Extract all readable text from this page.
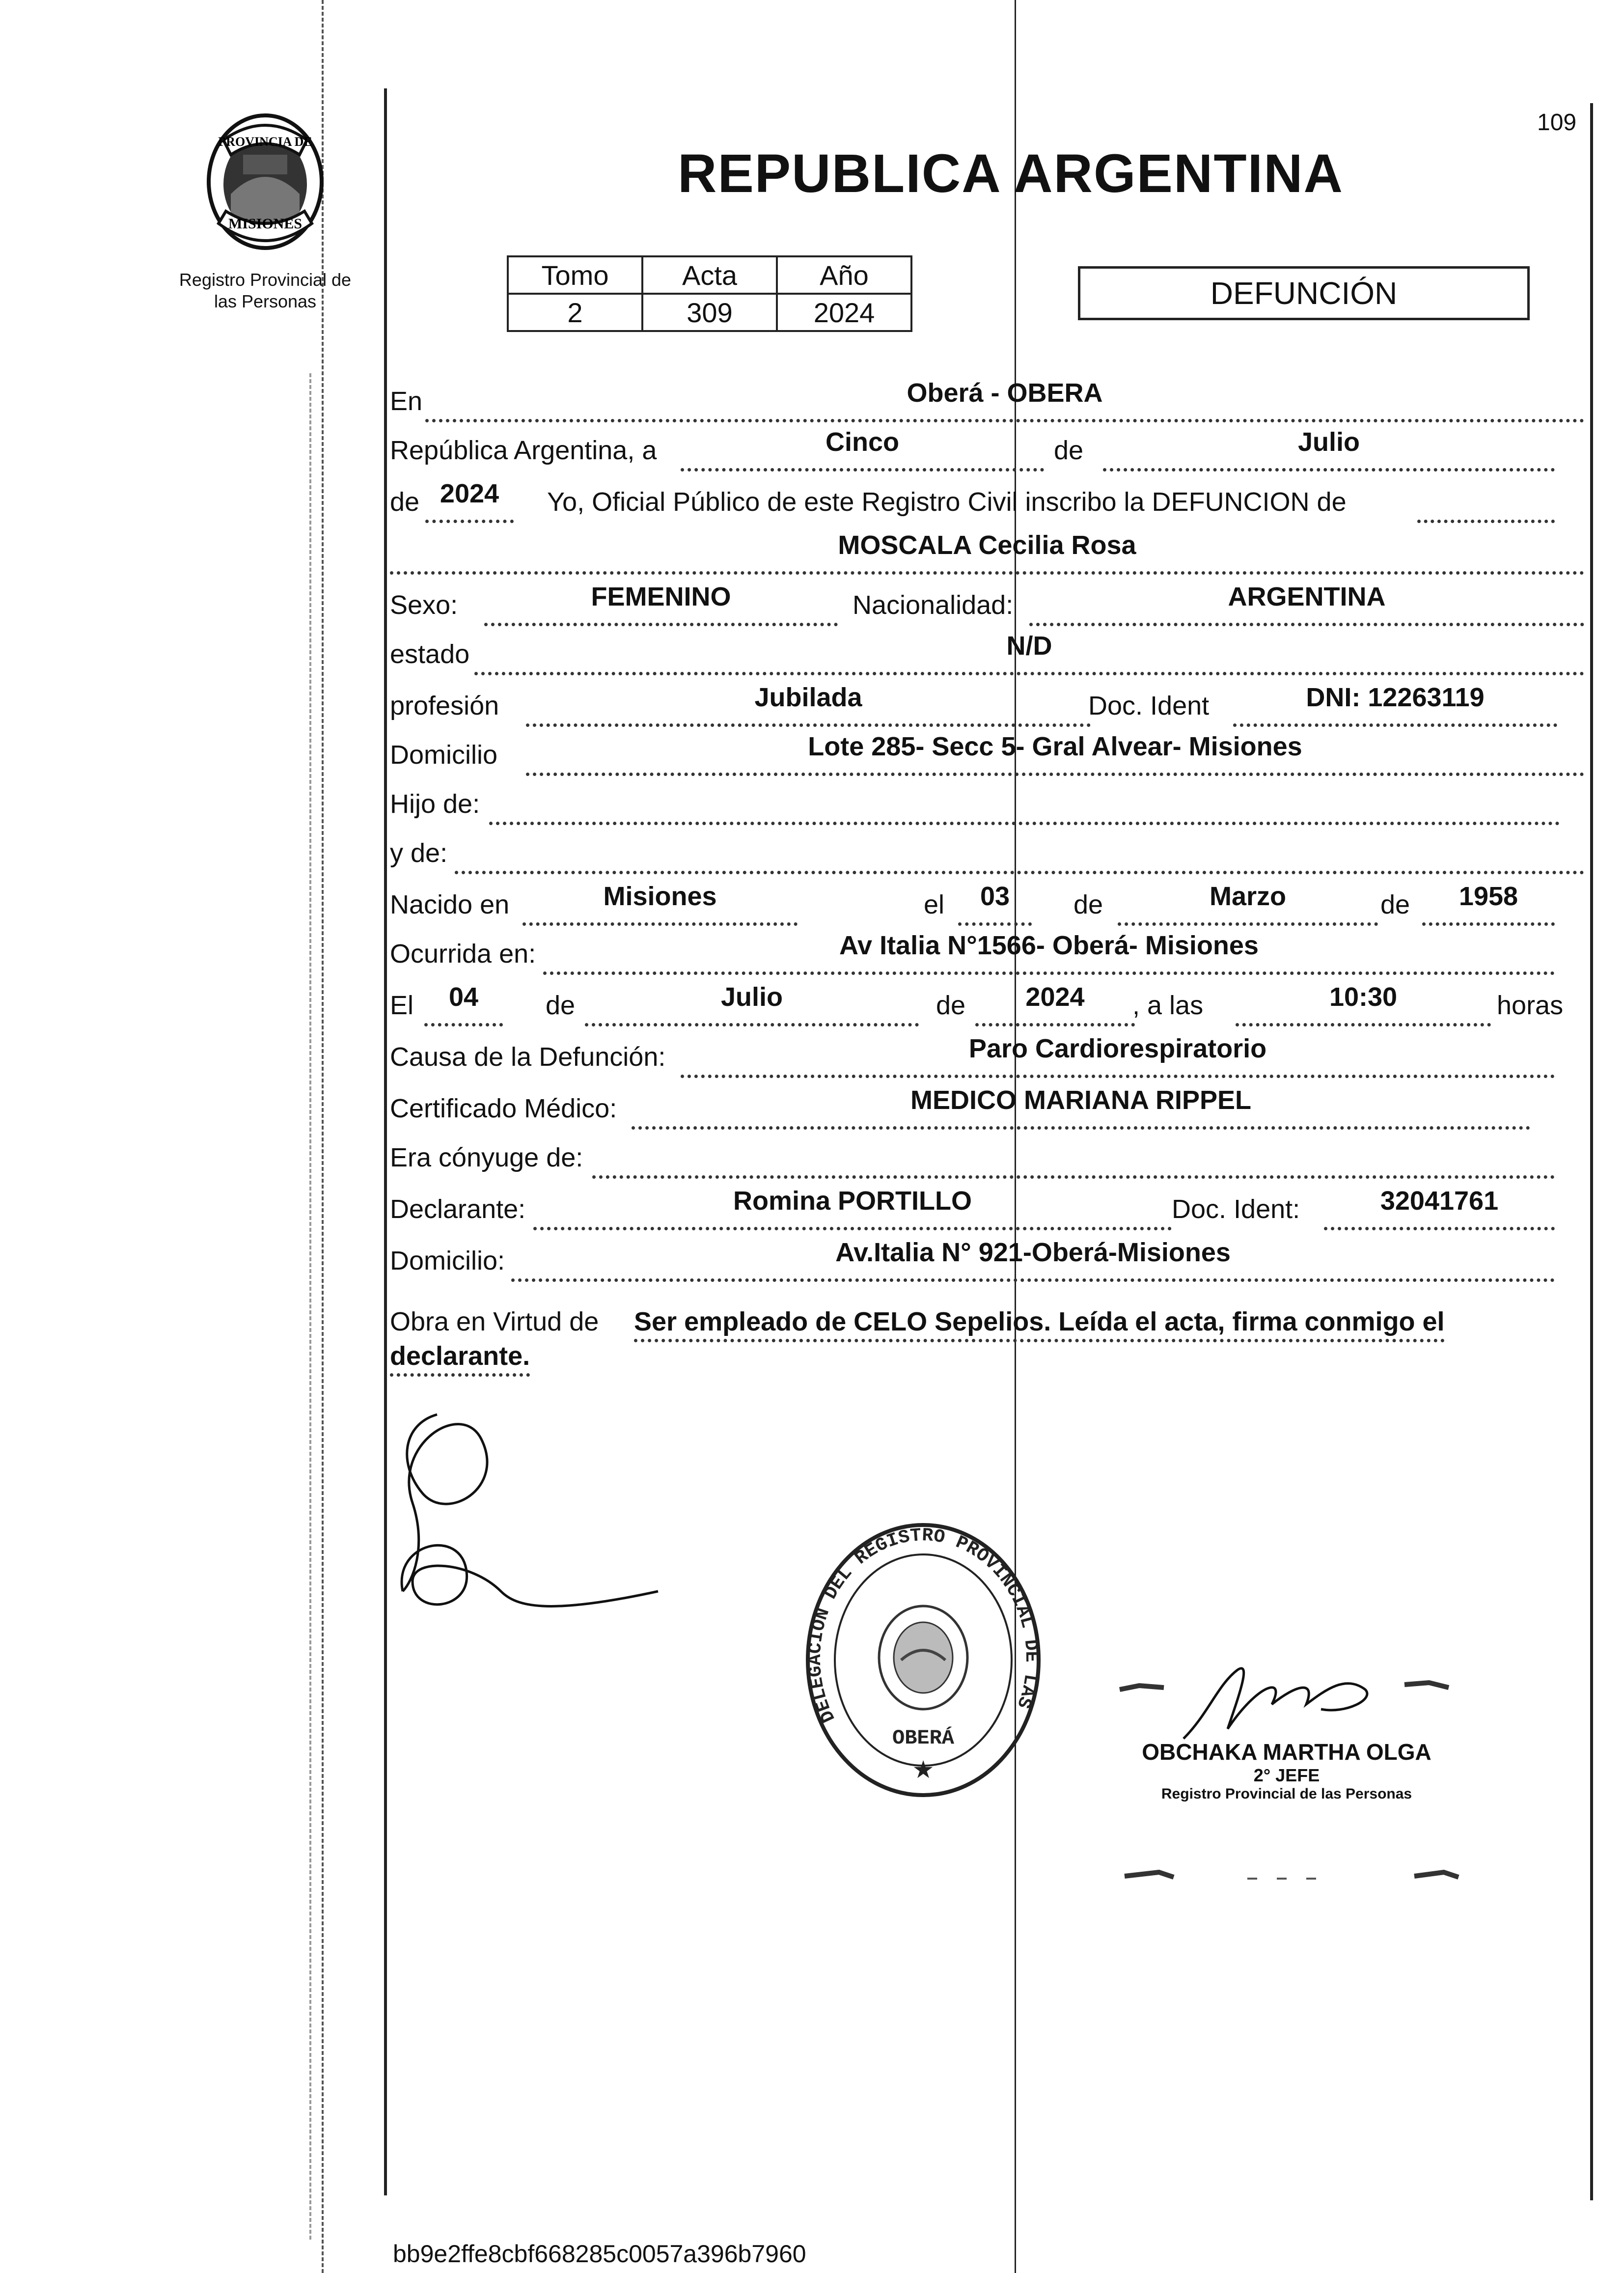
109
PROVINCIA DE
MISIONES
Registro Provincial de
las Personas
REPUBLICA ARGENTINA
Tomo	Acta	Año
2	309	2024
DEFUNCIÓN
En	Oberá - OBERA
República Argentina, a	Cinco	de	Julio
de 2024	Yo, Oficial Público de este Registro Civil inscribo la DEFUNCION de
MOSCALA Cecilia Rosa
Sexo:	FEMENINO	Nacionalidad:	ARGENTINA
estado	N/D
profesión	Jubilada	Doc. Ident	DNI: 12263119
Domicilio	Lote 285- Secc 5- Gral Alvear- Misiones
Hijo de:
y de:
Nacido en	Misiones	el	03	de	Marzo	de	1958
Ocurrida en:	Av Italia N°1566- Oberá- Misiones
El	04	de	Julio	de	2024	, a las	10:30	horas
Causa de la Defunción:	Paro Cardiorespiratorio
Certificado Médico:	MEDICO MARIANA RIPPEL
Era cónyuge de:
Declarante:	Romina PORTILLO	Doc. Ident:	32041761
Domicilio:	Av.Italia N° 921-Oberá-Misiones
Obra en Virtud de Ser empleado de CELO Sepelios. Leída el acta, firma conmigo el
declarante.
DELEGACION DEL REGISTRO PROVINCIAL DE LAS
OBERÁ
★
OBCHAKA MARTHA OLGA
2° JEFE
Registro Provincial de las Personas
bb9e2ffe8cbf668285c0057a396b7960
